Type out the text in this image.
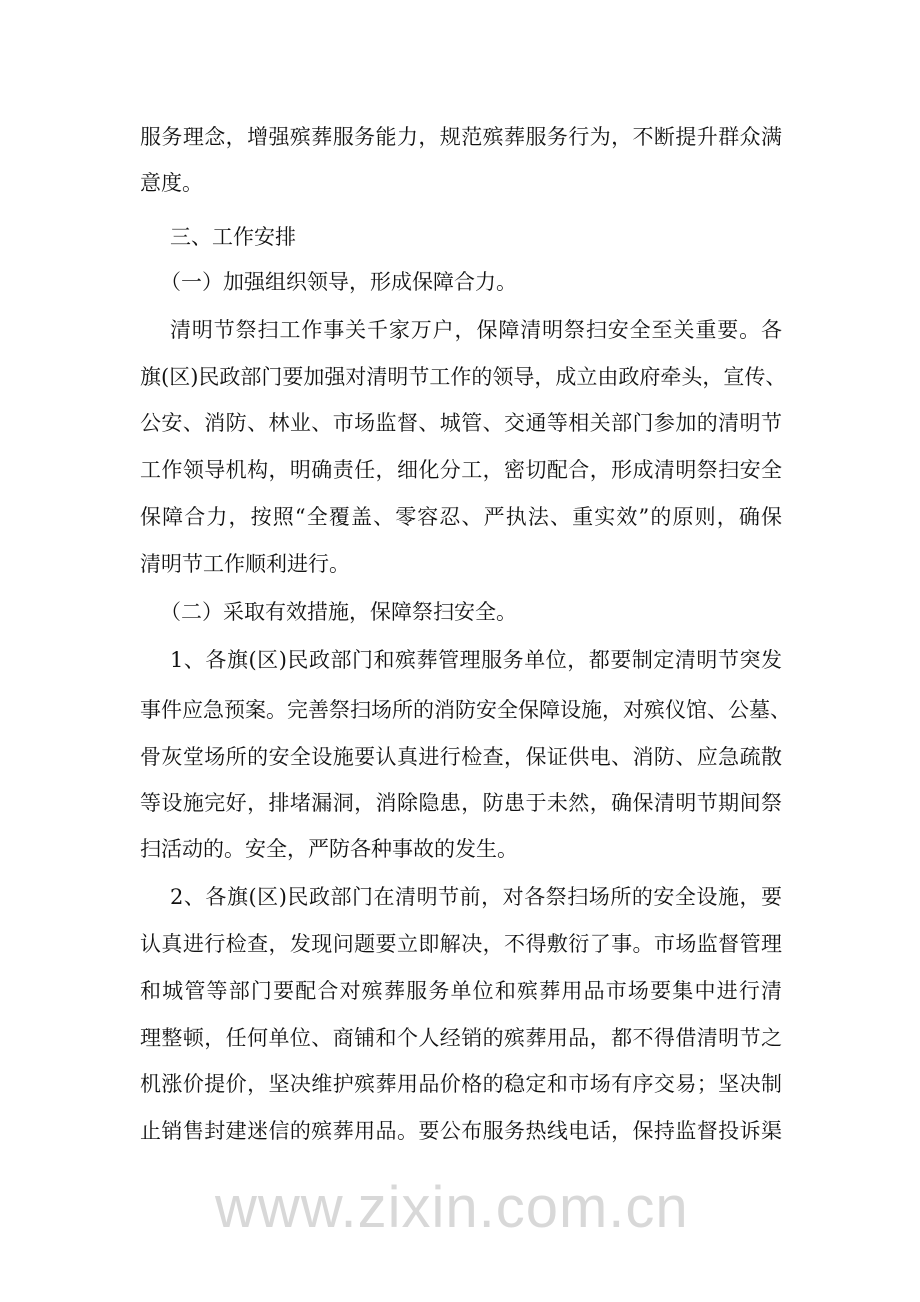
www.zixin.com.cn
服务理念，增强殡葬服务能力，规范殡葬服务行为，不断提升群众满
意度。
三、工作安排
（一）加强组织领导，形成保障合力。
清明节祭扫工作事关千家万户，保障清明祭扫安全至关重要。各
旗(区)民政部门要加强对清明节工作的领导，成立由政府牵头，宣传、
公安、消防、林业、市场监督、城管、交通等相关部门参加的清明节
工作领导机构，明确责任，细化分工，密切配合，形成清明祭扫安全
保障合力，按照“全覆盖、零容忍、严执法、重实效”的原则，确保
清明节工作顺利进行。
（二）采取有效措施，保障祭扫安全。
1、各旗(区)民政部门和殡葬管理服务单位，都要制定清明节突发
事件应急预案。完善祭扫场所的消防安全保障设施，对殡仪馆、公墓、
骨灰堂场所的安全设施要认真进行检查，保证供电、消防、应急疏散
等设施完好，排堵漏洞，消除隐患，防患于未然，确保清明节期间祭
扫活动的。安全，严防各种事故的发生。
2、各旗(区)民政部门在清明节前，对各祭扫场所的安全设施，要
认真进行检查，发现问题要立即解决，不得敷衍了事。市场监督管理
和城管等部门要配合对殡葬服务单位和殡葬用品市场要集中进行清
理整顿，任何单位、商铺和个人经销的殡葬用品，都不得借清明节之
机涨价提价，坚决维护殡葬用品价格的稳定和市场有序交易；坚决制
止销售封建迷信的殡葬用品。要公布服务热线电话，保持监督投诉渠
